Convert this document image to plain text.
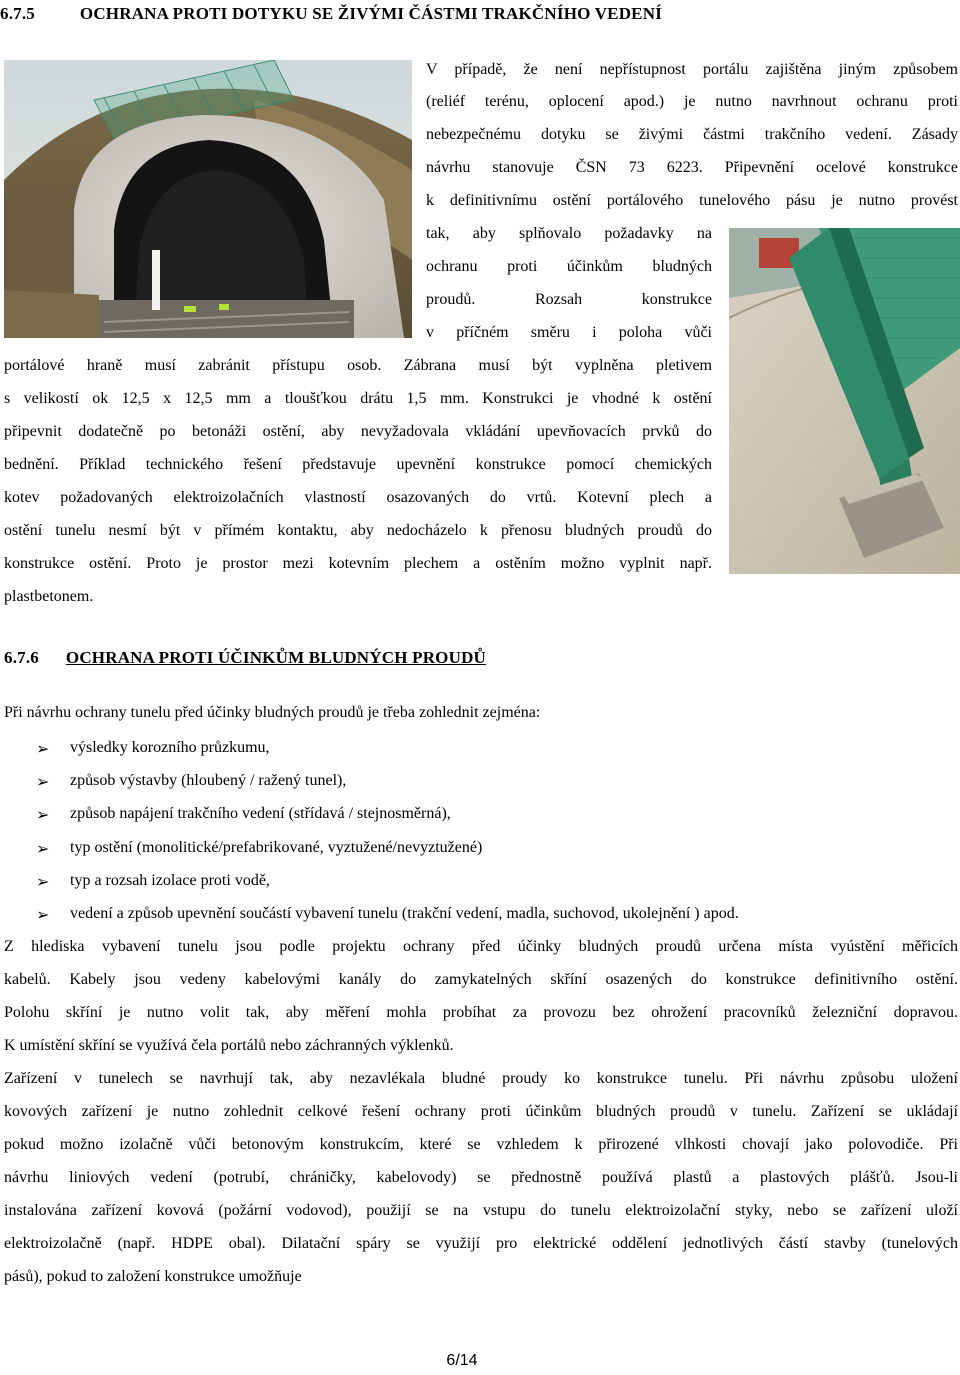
6.7.5	OCHRANA PROTI DOTYKU SE ŽIVÝMI ČÁSTMI TRAKČNÍHO VEDENÍ
V případě, že není nepřístupnost portálu zajištěna jiným způsobem
(reliéf terénu, oplocení apod.) je nutno navrhnout ochranu proti
nebezpečnému dotyku se živými částmi trakčního vedení. Zásady
návrhu stanovuje ČSN 73 6223. Připevnění ocelové konstrukce
k definitivnímu ostění portálového tunelového pásu je nutno provést
tak, aby splňovalo požadavky na
ochranu proti účinkům bludných
proudů. Rozsah konstrukce
v příčném směru i poloha vůči
portálové hraně musí zabránit přístupu osob. Zábrana musí být vyplněna pletivem
s velikostí ok 12,5 x 12,5 mm a tloušťkou drátu 1,5 mm. Konstrukci je vhodné k ostění
připevnit dodatečně po betonáži ostění, aby nevyžadovala vkládání upevňovacích prvků do
bednění. Příklad technického řešení představuje upevnění konstrukce pomocí chemických
kotev požadovaných elektroizolačních vlastností osazovaných do vrtů. Kotevní plech a
ostění tunelu nesmí být v přímém kontaktu, aby nedocházelo k přenosu bludných proudů do
konstrukce ostění. Proto je prostor mezi kotevním plechem a ostěním možno vyplnit např.
plastbetonem.
6.7.6 OCHRANA PROTI ÚČINKŮM BLUDNÝCH PROUDŮ
Při návrhu ochrany tunelu před účinky bludných proudů je třeba zohlednit zejména:
➢ výsledky korozního průzkumu,
➢ způsob výstavby (hloubený / ražený tunel),
➢ způsob napájení trakčního vedení (střídavá / stejnosměrná),
➢ typ ostění (monolitické/prefabrikované, vyztužené/nevyztužené)
➢ typ a rozsah izolace proti vodě,
➢ vedení a způsob upevnění součástí vybavení tunelu (trakční vedení, madla, suchovod, ukolejnění ) apod.
Z hlediska vybavení tunelu jsou podle projektu ochrany před účinky bludných proudů určena místa vyústění měřicích
kabelů. Kabely jsou vedeny kabelovými kanály do zamykatelných skříní osazených do konstrukce definitivního ostění.
Polohu skříní je nutno volit tak, aby měření mohla probíhat za provozu bez ohrožení pracovníků železniční dopravou.
K umístění skříní se využívá čela portálů nebo záchranných výklenků.
Zařízení v tunelech se navrhují tak, aby nezavlékala bludné proudy ko konstrukce tunelu. Při návrhu způsobu uložení
kovových zařízení je nutno zohlednit celkové řešení ochrany proti účinkům bludných proudů v tunelu. Zařízení se ukládají
pokud možno izolačně vůči betonovým konstrukcím, které se vzhledem k přirozené vlhkosti chovají jako polovodiče. Při
návrhu liniových vedení (potrubí, chráničky, kabelovody) se přednostně používá plastů a plastových plášťů. Jsou-li
instalována zařízení kovová (požární vodovod), použijí se na vstupu do tunelu elektroizolační styky, nebo se zařízení uloží
elektroizolačně (např. HDPE obal). Dilatační spáry se využijí pro elektrické oddělení jednotlivých částí stavby (tunelových
pásů), pokud to založení konstrukce umožňuje
6/14
